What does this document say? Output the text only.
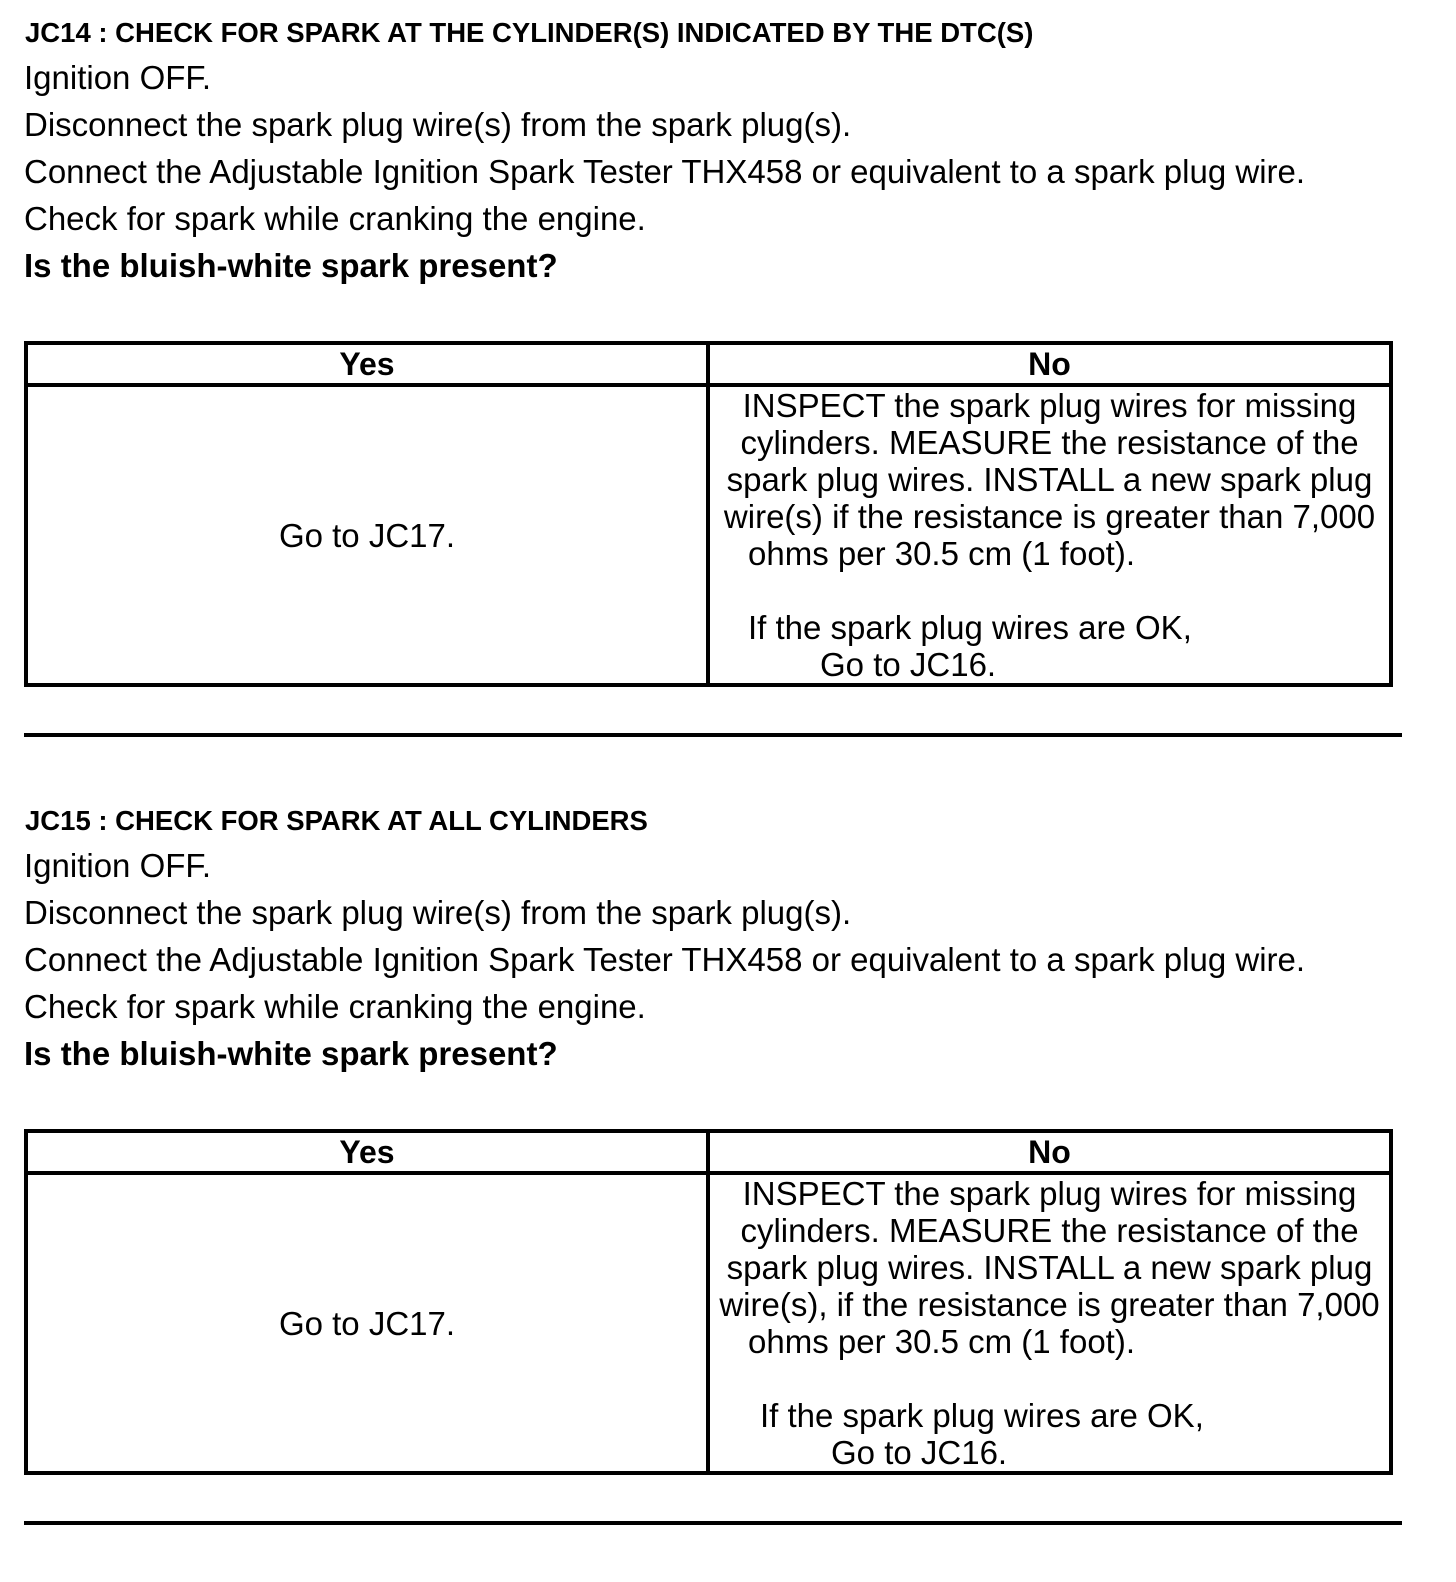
JC14 : CHECK FOR SPARK AT THE CYLINDER(S) INDICATED BY THE DTC(S)
Ignition OFF.
Disconnect the spark plug wire(s) from the spark plug(s).
Connect the Adjustable Ignition Spark Tester THX458 or equivalent to a spark plug wire.
Check for spark while cranking the engine.
Is the bluish-white spark present?
Yes	No
Go to JC17.
INSPECT the spark plug wires for missing
cylinders. MEASURE the resistance of the
spark plug wires. INSTALL a new spark plug
wire(s) if the resistance is greater than 7,000
ohms per 30.5 cm (1 foot).
If the spark plug wires are OK,
Go to JC16.
JC15 : CHECK FOR SPARK AT ALL CYLINDERS
Ignition OFF.
Disconnect the spark plug wire(s) from the spark plug(s).
Connect the Adjustable Ignition Spark Tester THX458 or equivalent to a spark plug wire.
Check for spark while cranking the engine.
Is the bluish-white spark present?
Yes	No
Go to JC17.
INSPECT the spark plug wires for missing
cylinders. MEASURE the resistance of the
spark plug wires. INSTALL a new spark plug
wire(s), if the resistance is greater than 7,000
ohms per 30.5 cm (1 foot).
If the spark plug wires are OK,
Go to JC16.
